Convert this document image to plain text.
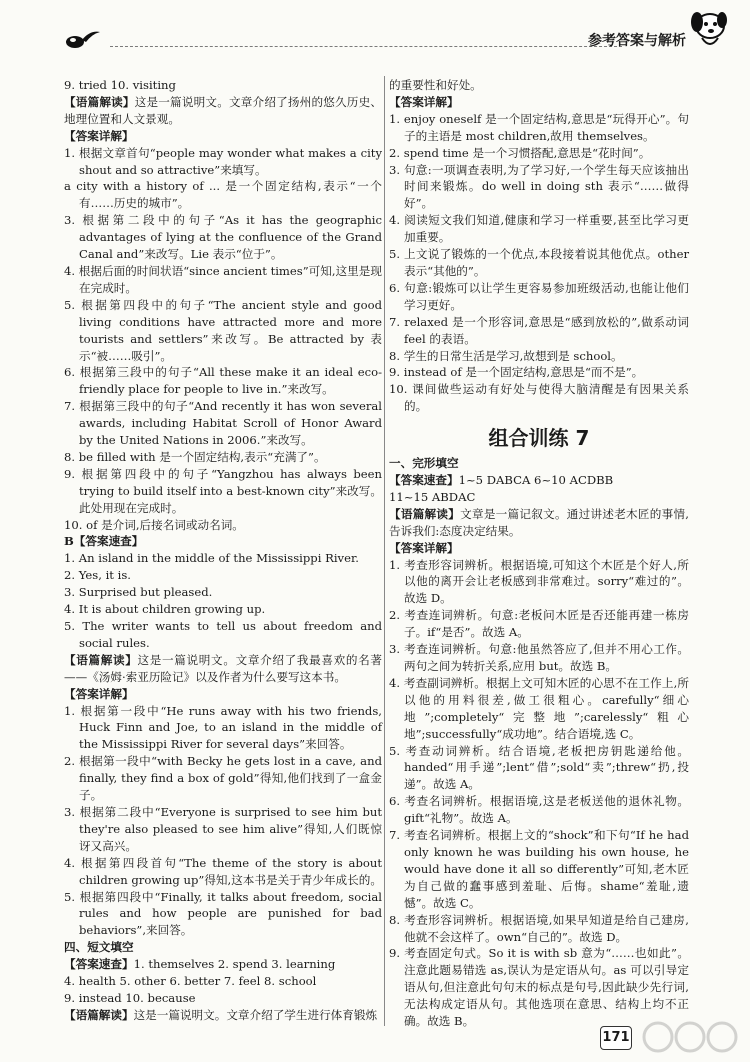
参考答案与解析

9. tried 10. visiting

【语篇解读】这是一篇说明文。文章介绍了扬州的悠久历史、地理位置和人文景观。

【答案详解】

1. 根据文章首句“people may wonder what makes a city shout and so attractive”来填写。

a city with a history of ... 是一个固定结构,表示“一个有……历史的城市”。

3. 根据第二段中的句子“As it has the geographic advantages of lying at the confluence of the Grand Canal and”来改写。Lie 表示“位于”。

4. 根据后面的时间状语“since ancient times”可知,这里是现在完成时。

5. 根据第四段中的句子“The ancient style and good living conditions have attracted more and more tourists and settlers”来改写。Be attracted by 表示“被……吸引”。

6. 根据第三段中的句子“All these make it an ideal eco-friendly place for people to live in.”来改写。

7. 根据第三段中的句子“And recently it has won several awards, including Habitat Scroll of Honor Award by the United Nations in 2006.”来改写。

8. be filled with 是一个固定结构,表示“充满了”。

9. 根据第四段中的句子“Yangzhou has always been trying to build itself into a best-known city”来改写。此处用现在完成时。

10. of 是介词,后接名词或动名词。

B【答案速查】

1. An island in the middle of the Mississippi River.

2. Yes, it is.

3. Surprised but pleased.

4. It is about children growing up.

5. The writer wants to tell us about freedom and social rules.

【语篇解读】这是一篇说明文。文章介绍了我最喜欢的名著——《汤姆·索亚历险记》以及作者为什么要写这本书。

【答案详解】

1. 根据第一段中“He runs away with his two friends, Huck Finn and Joe, to an island in the middle of the Mississippi River for several days”来回答。

2. 根据第一段中“with Becky he gets lost in a cave, and finally, they find a box of gold”得知,他们找到了一盒金子。

3. 根据第二段中“Everyone is surprised to see him but they're also pleased to see him alive”得知,人们既惊讶又高兴。

4. 根据第四段首句“The theme of the story is about children growing up”得知,这本书是关于青少年成长的。

5. 根据第四段中“Finally, it talks about freedom, social rules and how people are punished for bad behaviors”,来回答。

四、短文填空

【答案速查】1. themselves 2. spend 3. learning

4. health 5. other 6. better 7. feel 8. school

9. instead 10. because

【语篇解读】这是一篇说明文。文章介绍了学生进行体育锻炼

的重要性和好处。

【答案详解】

1. enjoy oneself 是一个固定结构,意思是“玩得开心”。句子的主语是 most children,故用 themselves。

2. spend time 是一个习惯搭配,意思是“花时间”。

3. 句意:一项调查表明,为了学习好,一个学生每天应该抽出时间来锻炼。do well in doing sth 表示“……做得好”。

4. 阅读短文我们知道,健康和学习一样重要,甚至比学习更加重要。

5. 上文说了锻炼的一个优点,本段接着说其他优点。other 表示“其他的”。

6. 句意:锻炼可以让学生更容易参加班级活动,也能让他们学习更好。

7. relaxed 是一个形容词,意思是“感到放松的”,做系动词 feel 的表语。

8. 学生的日常生活是学习,故想到是 school。

9. instead of 是一个固定结构,意思是“而不是”。

10. 课间做些运动有好处与使得大脑清醒是有因果关系的。

组合训练 7

一、完形填空

【答案速查】1~5 DABCA 6~10 ACDBB

11~15 ABDAC

【语篇解读】文章是一篇记叙文。通过讲述老木匠的事情,告诉我们:态度决定结果。

【答案详解】

1. 考查形容词辨析。根据语境,可知这个木匠是个好人,所以他的离开会让老板感到非常难过。sorry“难过的”。故选 D。

2. 考查连词辨析。句意:老板问木匠是否还能再建一栋房子。if“是否”。故选 A。

3. 考查连词辨析。句意:他虽然答应了,但并不用心工作。两句之间为转折关系,应用 but。故选 B。

4. 考查副词辨析。根据上文可知木匠的心思不在工作上,所以他的用料很差,做工很粗心。carefully“细心地”;completely“完整地”;carelessly“粗心地”;successfully“成功地”。结合语境,选 C。

5. 考查动词辨析。结合语境,老板把房钥匙递给他。handed“用手递”;lent“借”;sold“卖”;threw“扔,投递”。故选 A。

6. 考查名词辨析。根据语境,这是老板送他的退休礼物。gift“礼物”。故选 A。

7. 考查名词辨析。根据上文的“shock”和下句“If he had only known he was building his own house, he would have done it all so differently”可知,老木匠为自己做的蠢事感到羞耻、后悔。shame“羞耻,遗憾”。故选 C。

8. 考查形容词辨析。根据语境,如果早知道是给自己建房,他就不会这样了。own“自己的”。故选 D。

9. 考查固定句式。So it is with sb 意为“……也如此”。注意此题易错选 as,误认为是定语从句。as 可以引导定语从句,但注意此句句末的标点是句号,因此缺少先行词,无法构成定语从句。其他选项在意思、结构上均不正确。故选 B。

171
